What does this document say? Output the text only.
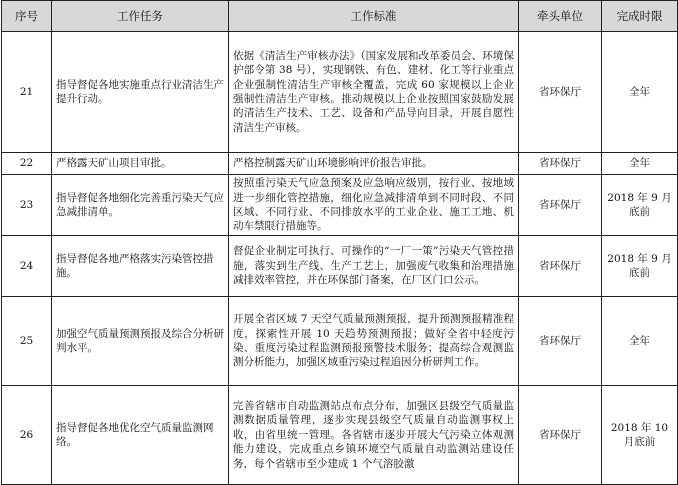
序号	工作任务	工作标准	牵头单位	完成时限
21	指导督促各地实施重点行业清洁生产提升行动。	依据《清洁生产审核办法》（国家发展和改革委员会、环境保护部令第 38 号），实现钢铁、有色、建材、化工等行业重点企业强制性清洁生产审核全覆盖，完成 60 家规模以上企业强制性清洁生产审核。推动规模以上企业按照国家鼓励发展的清洁生产技术、工艺、设备和产品导向目录，开展自愿性清洁生产审核。	省环保厅	全年
22	严格露天矿山项目审批。	严格控制露天矿山环境影响评价报告审批。	省环保厅	全年
23	指导督促各地细化完善重污染天气应急减排清单。	按照重污染天气应急预案及应急响应级别，按行业、按地域进一步细化管控措施，细化应急减排清单到不同时段、不同区域、不同行业、不同排放水平的工业企业、施工工地、机动车禁限行措施等。	省环保厅	2018 年 9 月底前
24	指导督促各地严格落实污染管控措施。	督促企业制定可执行、可操作的“一厂一策”污染天气管控措施，落实到生产线、生产工艺上，加强废气收集和治理措施减排效率管控，并在环保部门备案，在厂区门口公示。	省环保厅	2018 年 9 月底前
25	加强空气质量预测预报及综合分析研判水平。	开展全省区域 7 天空气质量预测预报，提升预测预报精准程度，探索性开展 10 天趋势预测预报；做好全省中轻度污染、重度污染过程监测预报预警技术服务；提高综合观测监测分析能力，加强区域重污染过程追因分析研判工作。	省环保厅	全年
26	指导督促各地优化空气质量监测网络。	完善省辖市自动监测站点布点分布，加强区县级空气质量监测数据质量管理，逐步实现县级空气质量自动监测事权上收，由省里统一管理。各省辖市逐步开展大气污染立体观测能力建设，完成重点乡镇环境空气质量自动监测站建设任务，每个省辖市至少建成 1 个气溶胶激	省环保厅	2018 年 10 月底前
